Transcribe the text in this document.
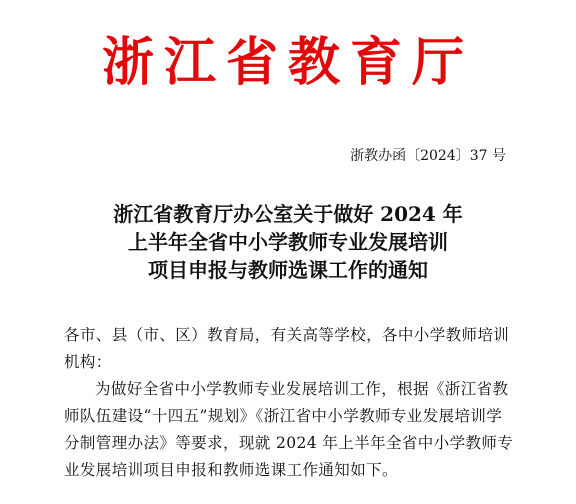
浙江省教育厅
浙教办函〔2024〕37 号
浙江省教育厅办公室关于做好 2024 年
上半年全省中小学教师专业发展培训
项目申报与教师选课工作的通知

各市、县（市、区）教育局，有关高等学校，各中小学教师培训机构：

为做好全省中小学教师专业发展培训工作，根据《浙江省教师队伍建设“十四五”规划》《浙江省中小学教师专业发展培训学分制管理办法》等要求，现就 2024 年上半年全省中小学教师专业发展培训项目申报和教师选课工作通知如下。
